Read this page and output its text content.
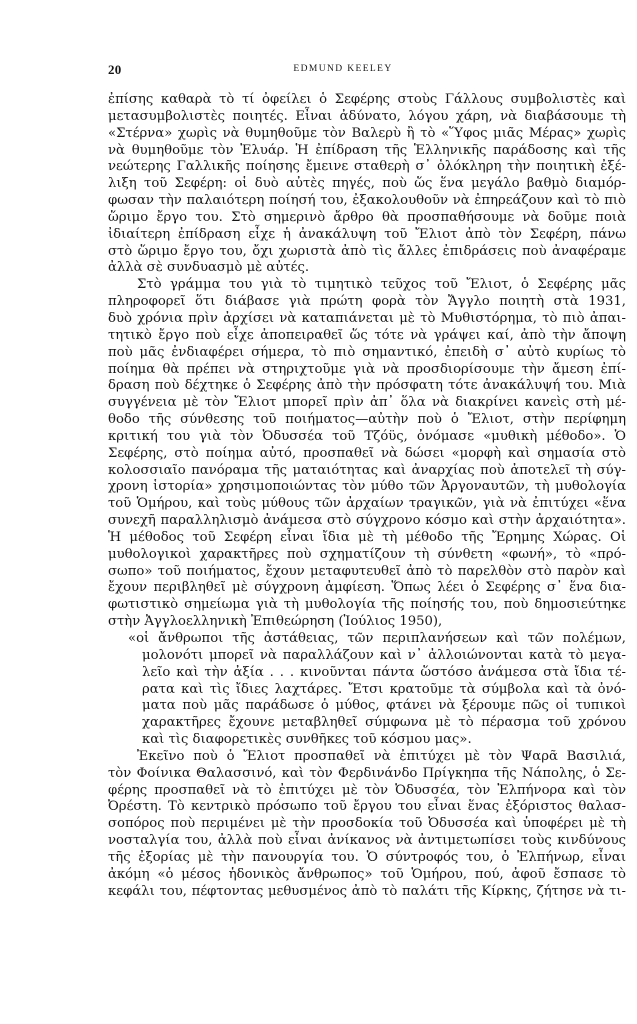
20	EDMUND KEELEY
ἐπίσης καθαρὰ τὸ τί ὀφείλει ὁ Σεφέρης στοὺς Γάλλους συμβολιστὲς καὶ
μετασυμβολιστὲς ποιητές. Εἶναι ἀδύνατο, λόγου χάρη, νὰ διαβάσουμε τὴ
«Στέρνα» χωρὶς νὰ θυμηθοῦμε τὸν Βαλερὺ ἢ τὸ «Ὕφος μιᾶς Μέρας» χωρὶς
νὰ θυμηθοῦμε τὸν Ἐλυάρ. Ἡ ἐπίδραση τῆς Ἑλληνικῆς παράδοσης καὶ τῆς
νεώτερης Γαλλικῆς ποίησης ἔμεινε σταθερὴ σ᾽ ὁλόκληρη τὴν ποιητικὴ ἐξέ-
λιξη τοῦ Σεφέρη: οἱ δυὸ αὐτὲς πηγές, ποὺ ὥς ἕνα μεγάλο βαθμὸ διαμόρ-
φωσαν τὴν παλαιότερη ποίησή του, ἐξακολουθοῦν νὰ ἐπηρεάζουν καὶ τὸ πιὸ
ὥριμο ἔργο του. Στὸ σημερινὸ ἄρθρο θὰ προσπαθήσουμε νὰ δοῦμε ποιὰ
ἰδιαίτερη ἐπίδραση εἶχε ἡ ἀνακάλυψη τοῦ Ἔλιοτ ἀπὸ τὸν Σεφέρη, πάνω
στὸ ὥριμο ἔργο του, ὄχι χωριστὰ ἀπὸ τὶς ἄλλες ἐπιδράσεις ποὺ ἀναφέραμε
ἀλλὰ σὲ συνδυασμὸ μὲ αὐτές.
Στὸ γράμμα του γιὰ τὸ τιμητικὸ τεῦχος τοῦ Ἔλιοτ, ὁ Σεφέρης μᾶς
πληροφορεῖ ὅτι διάβασε γιὰ πρώτη φορὰ τὸν Ἄγγλο ποιητὴ στὰ 1931,
δυὸ χρόνια πρὶν ἀρχίσει νὰ καταπιάνεται μὲ τὸ Μυθιστόρημα, τὸ πιὸ ἀπαι-
τητικὸ ἔργο ποὺ εἶχε ἀποπειραθεῖ ὥς τότε νὰ γράψει καί, ἀπὸ τὴν ἄποψη
ποὺ μᾶς ἐνδιαφέρει σήμερα, τὸ πιὸ σημαντικό, ἐπειδὴ σ᾽ αὐτὸ κυρίως τὸ
ποίημα θὰ πρέπει νὰ στηριχτοῦμε γιὰ νὰ προσδιορίσουμε τὴν ἄμεση ἐπί-
δραση ποὺ δέχτηκε ὁ Σεφέρης ἀπὸ τὴν πρόσφατη τότε ἀνακάλυψή του. Μιὰ
συγγένεια μὲ τὸν Ἔλιοτ μπορεῖ πρὶν ἀπ᾽ ὅλα νὰ διακρίνει κανεὶς στὴ μέ-
θοδο τῆς σύνθεσης τοῦ ποιήματος—αὐτὴν ποὺ ὁ Ἔλιοτ, στὴν περίφημη
κριτική του γιὰ τὸν Ὀδυσσέα τοῦ Τζόϋς, ὀνόμασε «μυθικὴ μέθοδο». Ὁ
Σεφέρης, στὸ ποίημα αὐτό, προσπαθεῖ νὰ δώσει «μορφὴ καὶ σημασία στὸ
κολοσσιαῖο πανόραμα τῆς ματαιότητας καὶ ἀναρχίας ποὺ ἀποτελεῖ τὴ σύγ-
χρονη ἱστορία» χρησιμοποιώντας τὸν μύθο τῶν Ἀργοναυτῶν, τὴ μυθολογία
τοῦ Ὁμήρου, καὶ τοὺς μύθους τῶν ἀρχαίων τραγικῶν, γιὰ νὰ ἐπιτύχει «ἕνα
συνεχῆ παραλληλισμὸ ἀνάμεσα στὸ σύγχρονο κόσμο καὶ στὴν ἀρχαιότητα».
Ἡ μέθοδος τοῦ Σεφέρη εἶναι ἴδια μὲ τὴ μέθοδο τῆς Ἔρημης Χώρας. Οἱ
μυθολογικοὶ χαρακτῆρες ποὺ σχηματίζουν τὴ σύνθετη «φωνή», τὸ «πρό-
σωπο» τοῦ ποιήματος, ἔχουν μεταφυτευθεῖ ἀπὸ τὸ παρελθὸν στὸ παρὸν καὶ
ἔχουν περιβληθεῖ μὲ σύγχρονη ἀμφίεση. Ὅπως λέει ὁ Σεφέρης σ᾽ ἕνα δια-
φωτιστικὸ σημείωμα γιὰ τὴ μυθολογία τῆς ποίησής του, ποὺ δημοσιεύτηκε
στὴν Ἀγγλοελληνικὴ Ἐπιθεώρηση (Ἰούλιος 1950),
«οἱ ἄνθρωποι τῆς ἀστάθειας, τῶν περιπλανήσεων καὶ τῶν πολέμων,
μολονότι μπορεῖ νὰ παραλλάζουν καὶ ν᾽ ἀλλοιώνονται κατὰ τὸ μεγα-
λεῖο καὶ τὴν ἀξία . . . κινοῦνται πάντα ὥστόσο ἀνάμεσα στὰ ἴδια τέ-
ρατα καὶ τὶς ἴδιες λαχτάρες. Ἔτσι κρατοῦμε τὰ σύμβολα καὶ τὰ ὀνό-
ματα ποὺ μᾶς παράδωσε ὁ μύθος, φτάνει νὰ ξέρουμε πῶς οἱ τυπικοὶ
χαρακτῆρες ἔχουνε μεταβληθεῖ σύμφωνα μὲ τὸ πέρασμα τοῦ χρόνου
καὶ τὶς διαφορετικὲς συνθῆκες τοῦ κόσμου μας».
Ἐκεῖνο ποὺ ὁ Ἔλιοτ προσπαθεῖ νὰ ἐπιτύχει μὲ τὸν Ψαρᾶ Βασιλιά,
τὸν Φοίνικα Θαλασσινό, καὶ τὸν Φερδινάνδο Πρίγκηπα τῆς Νάπολης, ὁ Σε-
φέρης προσπαθεῖ νὰ τὸ ἐπιτύχει μὲ τὸν Ὀδυσσέα, τὸν Ἐλπήνορα καὶ τὸν
Ὀρέστη. Τὸ κεντρικὸ πρόσωπο τοῦ ἔργου του εἶναι ἕνας ἐξόριστος θαλασ-
σοπόρος ποὺ περιμένει μὲ τὴν προσδοκία τοῦ Ὀδυσσέα καὶ ὑποφέρει μὲ τὴ
νοσταλγία του, ἀλλὰ ποὺ εἶναι ἀνίκανος νὰ ἀντιμετωπίσει τοὺς κινδύνους
τῆς ἐξορίας μὲ τὴν πανουργία του. Ὁ σύντροφός του, ὁ Ἐλπήνωρ, εἶναι
ἀκόμη «ὁ μέσος ἡδονικὸς ἄνθρωπος» τοῦ Ὁμήρου, πού, ἀφοῦ ἔσπασε τὸ
κεφάλι του, πέφτοντας μεθυσμένος ἀπὸ τὸ παλάτι τῆς Κίρκης, ζήτησε νὰ τι-
